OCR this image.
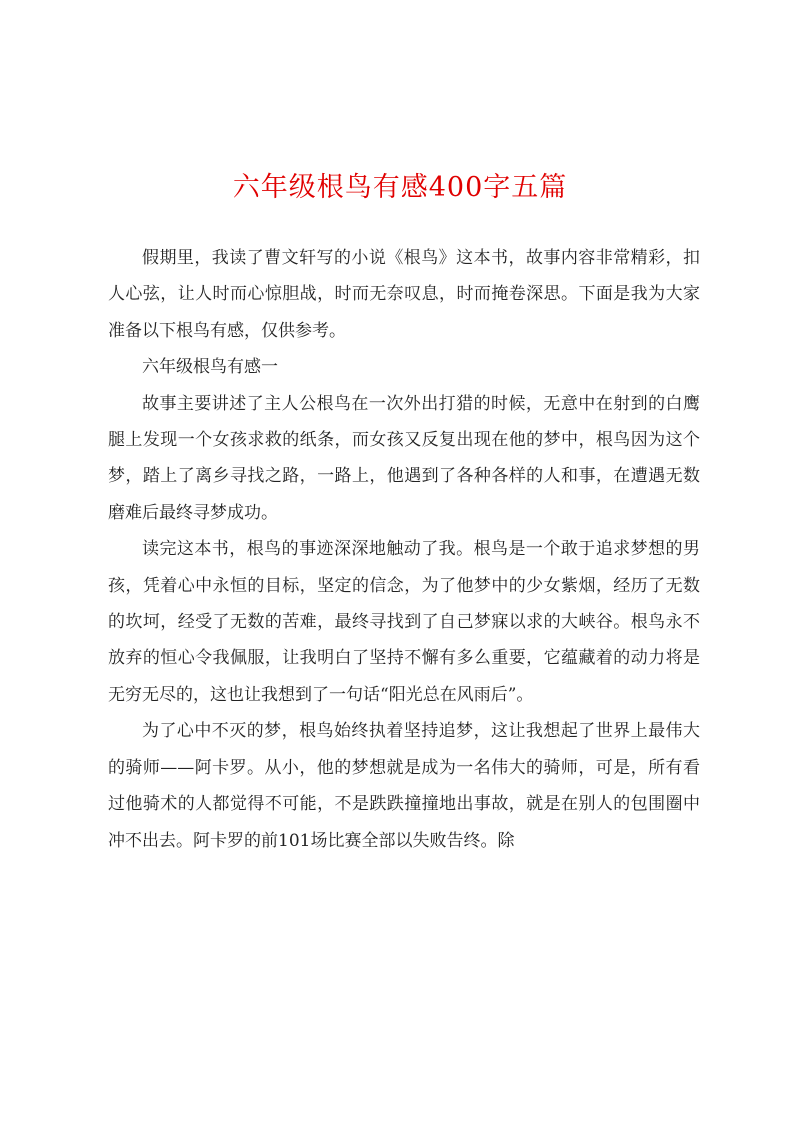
六年级根鸟有感400字五篇

假期里，我读了曹文轩写的小说《根鸟》这本书，故事内容非常精彩，扣人心弦，让人时而心惊胆战，时而无奈叹息，时而掩卷深思。下面是我为大家准备以下根鸟有感，仅供参考。

六年级根鸟有感一

故事主要讲述了主人公根鸟在一次外出打猎的时候，无意中在射到的白鹰腿上发现一个女孩求救的纸条，而女孩又反复出现在他的梦中，根鸟因为这个梦，踏上了离乡寻找之路，一路上，他遇到了各种各样的人和事，在遭遇无数磨难后最终寻梦成功。

读完这本书，根鸟的事迹深深地触动了我。根鸟是一个敢于追求梦想的男孩，凭着心中永恒的目标，坚定的信念，为了他梦中的少女紫烟，经历了无数的坎坷，经受了无数的苦难，最终寻找到了自己梦寐以求的大峡谷。根鸟永不放弃的恒心令我佩服，让我明白了坚持不懈有多么重要，它蕴藏着的动力将是无穷无尽的，这也让我想到了一句话“阳光总在风雨后”。

为了心中不灭的梦，根鸟始终执着坚持追梦，这让我想起了世界上最伟大的骑师——阿卡罗。从小，他的梦想就是成为一名伟大的骑师，可是，所有看过他骑术的人都觉得不可能，不是跌跌撞撞地出事故，就是在别人的包围圈中冲不出去。阿卡罗的前101场比赛全部以失败告终。除
